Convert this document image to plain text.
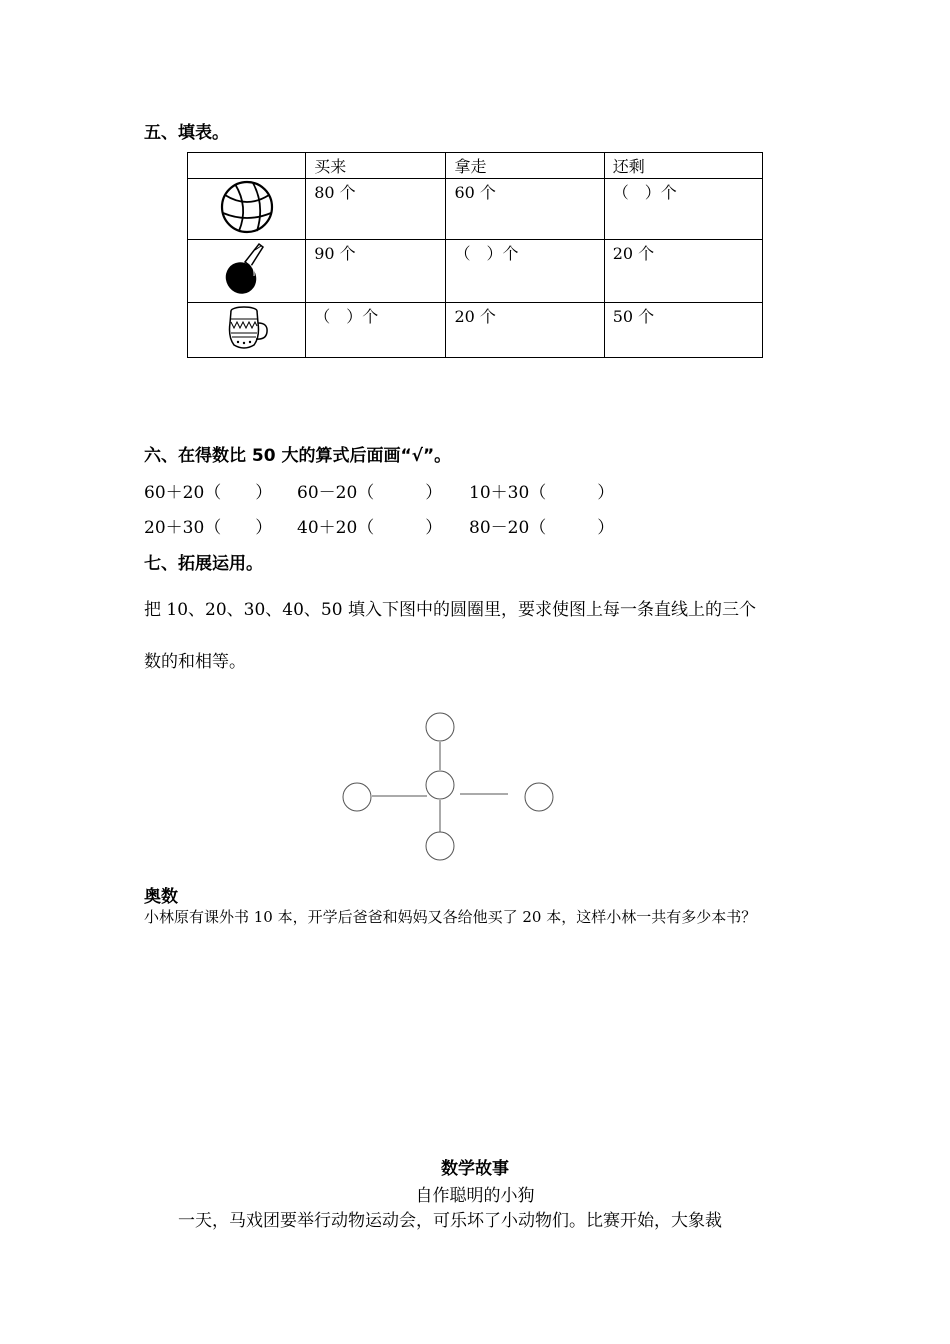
五、填表。
	买来	拿走	还剩
	80 个	60 个	（　）个
	90 个	（　）个	20 个
	（　）个	20 个	50 个
六、在得数比 50 大的算式后面画“√”。
60＋20（　　） 60－20（　　　） 10＋30（　　　）
20＋30（　　） 40＋20（　　　） 80－20（　　　）
七、拓展运用。
把 10、20、30、40、50 填入下图中的圆圈里，要求使图上每一条直线上的三个
数的和相等。
奥数
小林原有课外书 10 本，开学后爸爸和妈妈又各给他买了 20 本，这样小林一共有多少本书？
数学故事
自作聪明的小狗
一天，马戏团要举行动物运动会，可乐坏了小动物们。比赛开始，大象裁
